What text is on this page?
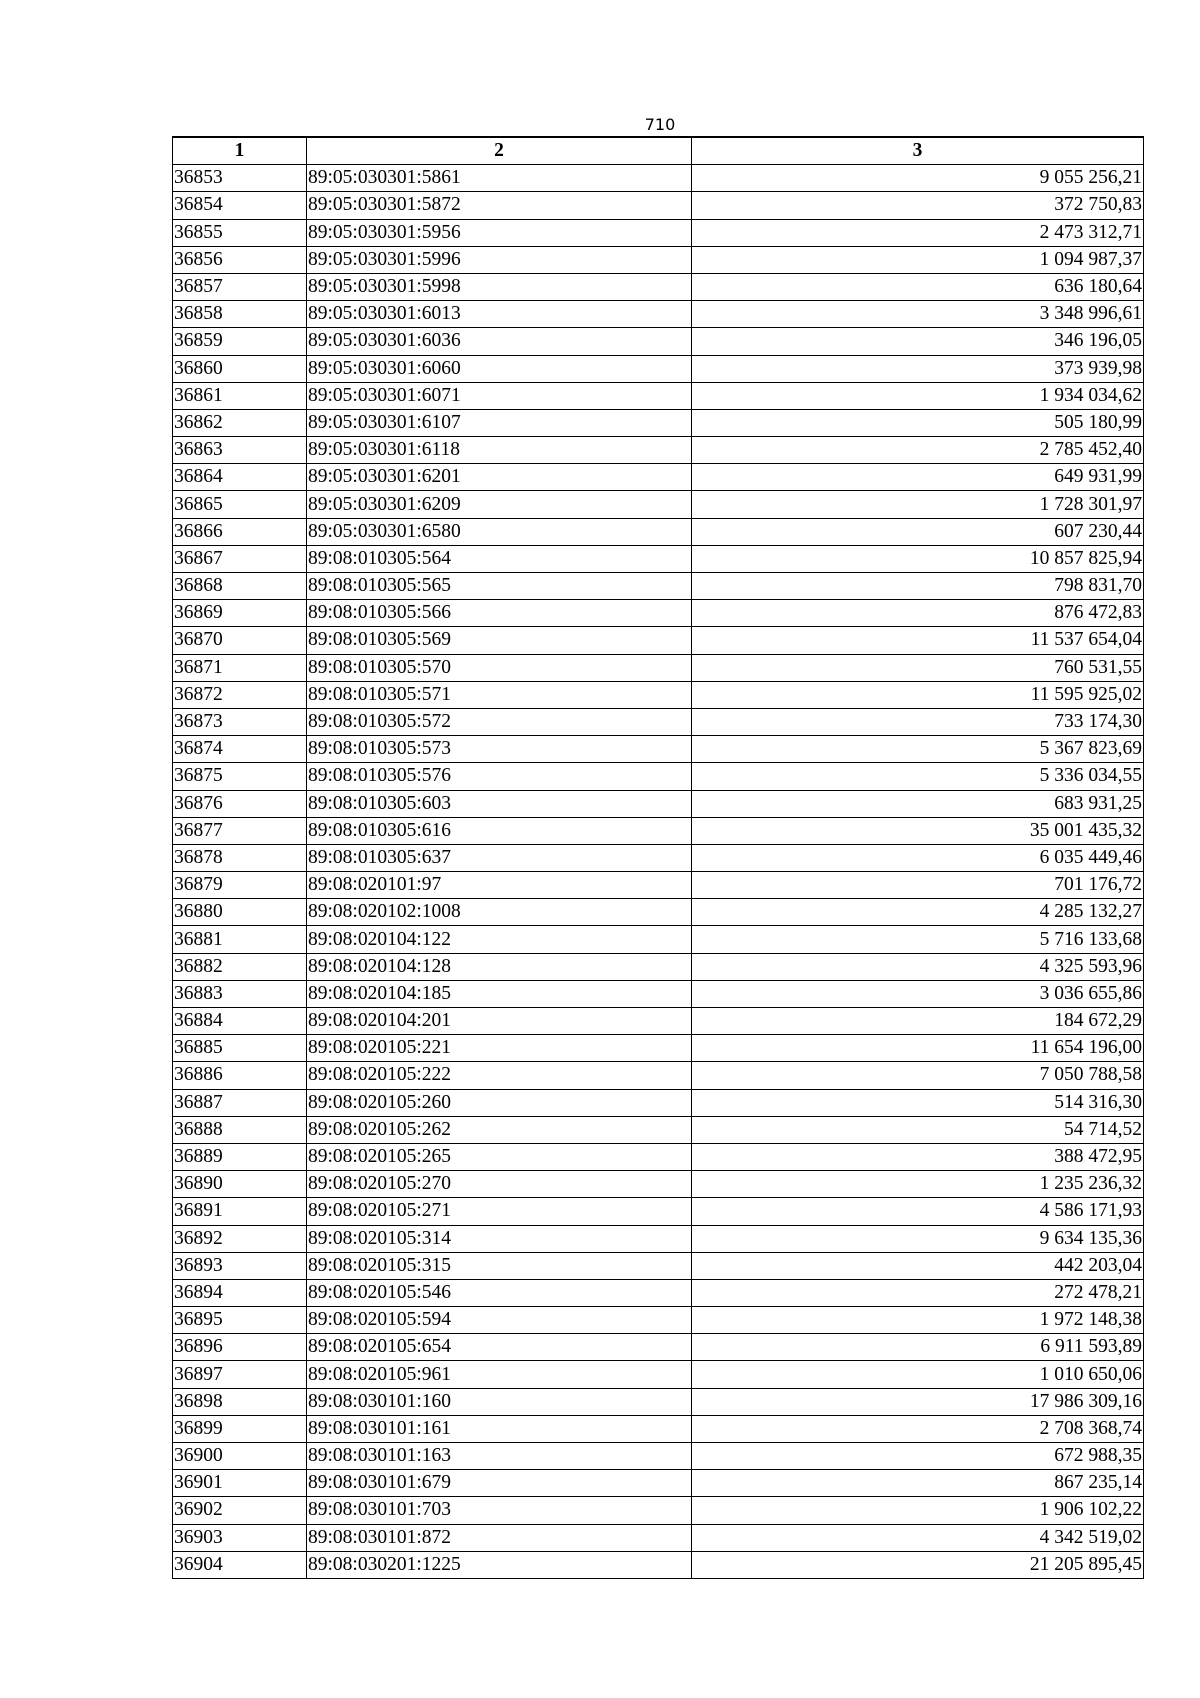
710
1	2	3
36853	89:05:030301:5861	9 055 256,21
36854	89:05:030301:5872	372 750,83
36855	89:05:030301:5956	2 473 312,71
36856	89:05:030301:5996	1 094 987,37
36857	89:05:030301:5998	636 180,64
36858	89:05:030301:6013	3 348 996,61
36859	89:05:030301:6036	346 196,05
36860	89:05:030301:6060	373 939,98
36861	89:05:030301:6071	1 934 034,62
36862	89:05:030301:6107	505 180,99
36863	89:05:030301:6118	2 785 452,40
36864	89:05:030301:6201	649 931,99
36865	89:05:030301:6209	1 728 301,97
36866	89:05:030301:6580	607 230,44
36867	89:08:010305:564	10 857 825,94
36868	89:08:010305:565	798 831,70
36869	89:08:010305:566	876 472,83
36870	89:08:010305:569	11 537 654,04
36871	89:08:010305:570	760 531,55
36872	89:08:010305:571	11 595 925,02
36873	89:08:010305:572	733 174,30
36874	89:08:010305:573	5 367 823,69
36875	89:08:010305:576	5 336 034,55
36876	89:08:010305:603	683 931,25
36877	89:08:010305:616	35 001 435,32
36878	89:08:010305:637	6 035 449,46
36879	89:08:020101:97	701 176,72
36880	89:08:020102:1008	4 285 132,27
36881	89:08:020104:122	5 716 133,68
36882	89:08:020104:128	4 325 593,96
36883	89:08:020104:185	3 036 655,86
36884	89:08:020104:201	184 672,29
36885	89:08:020105:221	11 654 196,00
36886	89:08:020105:222	7 050 788,58
36887	89:08:020105:260	514 316,30
36888	89:08:020105:262	54 714,52
36889	89:08:020105:265	388 472,95
36890	89:08:020105:270	1 235 236,32
36891	89:08:020105:271	4 586 171,93
36892	89:08:020105:314	9 634 135,36
36893	89:08:020105:315	442 203,04
36894	89:08:020105:546	272 478,21
36895	89:08:020105:594	1 972 148,38
36896	89:08:020105:654	6 911 593,89
36897	89:08:020105:961	1 010 650,06
36898	89:08:030101:160	17 986 309,16
36899	89:08:030101:161	2 708 368,74
36900	89:08:030101:163	672 988,35
36901	89:08:030101:679	867 235,14
36902	89:08:030101:703	1 906 102,22
36903	89:08:030101:872	4 342 519,02
36904	89:08:030201:1225	21 205 895,45
